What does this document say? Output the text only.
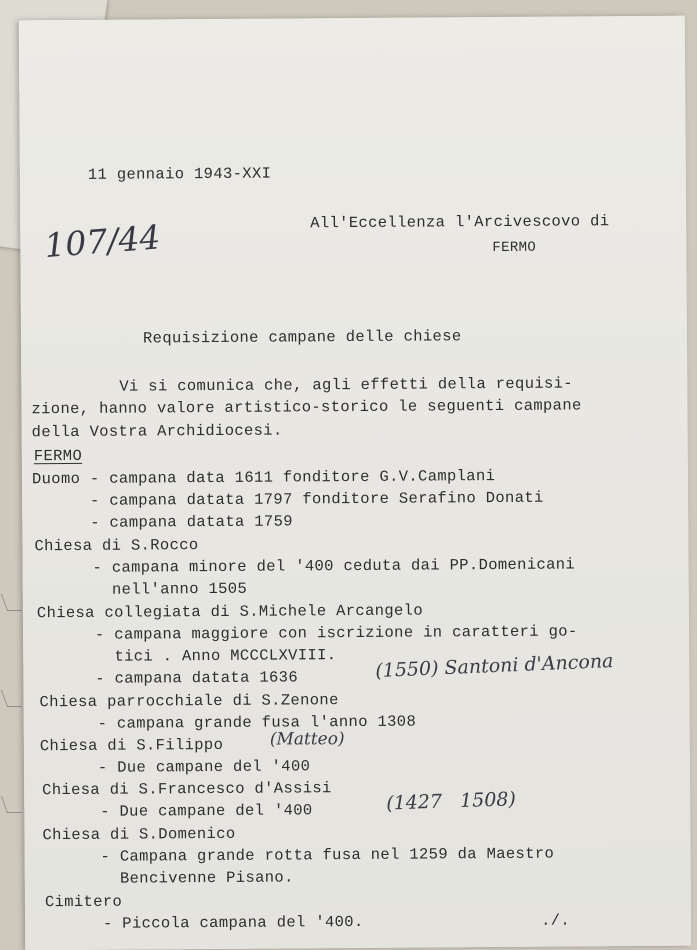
11 gennaio 1943-XXI

107/44	All'Eccellenza l'Arcivescovo di

FERMO

Requisizione campane delle chiese

Vi si comunica che, agli effetti della requisi-

zione, hanno valore artistico-storico le seguenti campane

della Vostra Archidiocesi.

FERMO

Duomo - campana data 1611 fonditore G.V.Camplani

- campana datata 1797 fonditore Serafino Donati

- campana datata 1759

Chiesa di S.Rocco

- campana minore del '400 ceduta dai PP.Domenicani

nell'anno 1505

Chiesa collegiata di S.Michele Arcangelo

- campana maggiore con iscrizione in caratteri go-

tici . Anno MCCCLXVIII.

- campana datata 1636	(1550) Santoni d'Ancona

Chiesa parrocchiale di S.Zenone

- campana grande fusa l'anno 1308

Chiesa di S.Filippo	(Matteo)

- Due campane del '400

Chiesa di S.Francesco d'Assisi

- Due campane del '400	(1427   1508)

Chiesa di S.Domenico

- Campana grande rotta fusa nel 1259 da Maestro

Bencivenne Pisano.

Cimitero

- Piccola campana del '400.	./.
